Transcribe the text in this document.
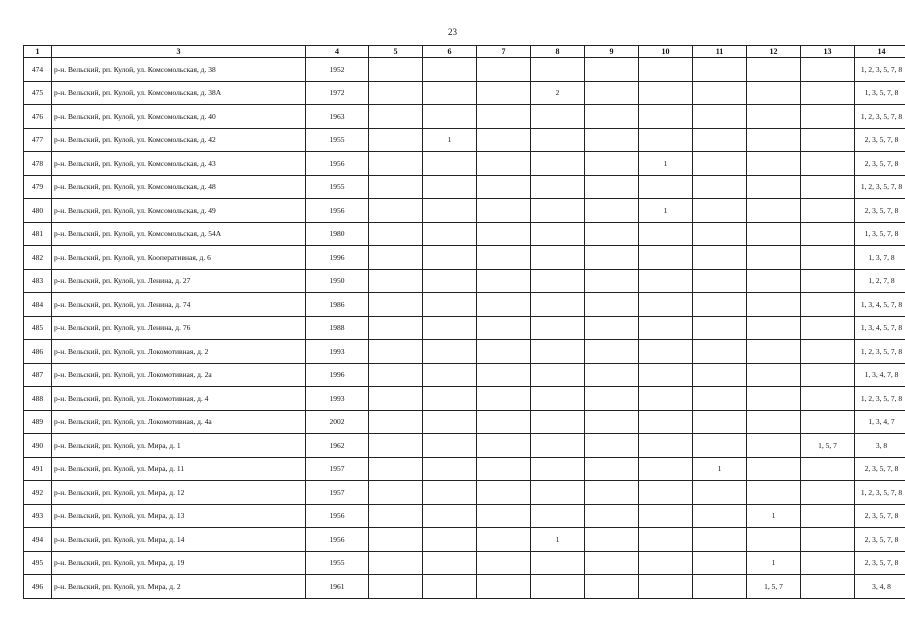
23
1	3	4	5	6	7	8	9	10	11	12	13	14
474	р-н. Вельский, рп. Кулой, ул. Комсомольская, д. 38	1952										1, 2, 3, 5, 7, 8
475	р-н. Вельский, рп. Кулой, ул. Комсомольская, д. 38А	1972				2						1, 3, 5, 7, 8
476	р-н. Вельский, рп. Кулой, ул. Комсомольская, д. 40	1963										1, 2, 3, 5, 7, 8
477	р-н. Вельский, рп. Кулой, ул. Комсомольская, д. 42	1955		1								2, 3, 5, 7, 8
478	р-н. Вельский, рп. Кулой, ул. Комсомольская, д. 43	1956						1				2, 3, 5, 7, 8
479	р-н. Вельский, рп. Кулой, ул. Комсомольская, д. 48	1955										1, 2, 3, 5, 7, 8
480	р-н. Вельский, рп. Кулой, ул. Комсомольская, д. 49	1956						1				2, 3, 5, 7, 8
481	р-н. Вельский, рп. Кулой, ул. Комсомольская, д. 54А	1980										1, 3, 5, 7, 8
482	р-н. Вельский, рп. Кулой, ул. Кооперативная, д. 6	1996										1, 3, 7, 8
483	р-н. Вельский, рп. Кулой, ул. Ленина, д. 27	1950										1, 2, 7, 8
484	р-н. Вельский, рп. Кулой, ул. Ленина, д. 74	1986										1, 3, 4, 5, 7, 8
485	р-н. Вельский, рп. Кулой, ул. Ленина, д. 76	1988										1, 3, 4, 5, 7, 8
486	р-н. Вельский, рп. Кулой, ул. Локомотивная, д. 2	1993										1, 2, 3, 5, 7, 8
487	р-н. Вельский, рп. Кулой, ул. Локомотивная, д. 2а	1996										1, 3, 4, 7, 8
488	р-н. Вельский, рп. Кулой, ул. Локомотивная, д. 4	1993										1, 2, 3, 5, 7, 8
489	р-н. Вельский, рп. Кулой, ул. Локомотивная, д. 4а	2002										1, 3, 4, 7
490	р-н. Вельский, рп. Кулой, ул. Мира, д. 1	1962									1, 5, 7	3, 8
491	р-н. Вельский, рп. Кулой, ул. Мира, д. 11	1957							1			2, 3, 5, 7, 8
492	р-н. Вельский, рп. Кулой, ул. Мира, д. 12	1957										1, 2, 3, 5, 7, 8
493	р-н. Вельский, рп. Кулой, ул. Мира, д. 13	1956								1		2, 3, 5, 7, 8
494	р-н. Вельский, рп. Кулой, ул. Мира, д. 14	1956				1						2, 3, 5, 7, 8
495	р-н. Вельский, рп. Кулой, ул. Мира, д. 19	1955								1		2, 3, 5, 7, 8
496	р-н. Вельский, рп. Кулой, ул. Мира, д. 2	1961								1, 5, 7		3, 4, 8
